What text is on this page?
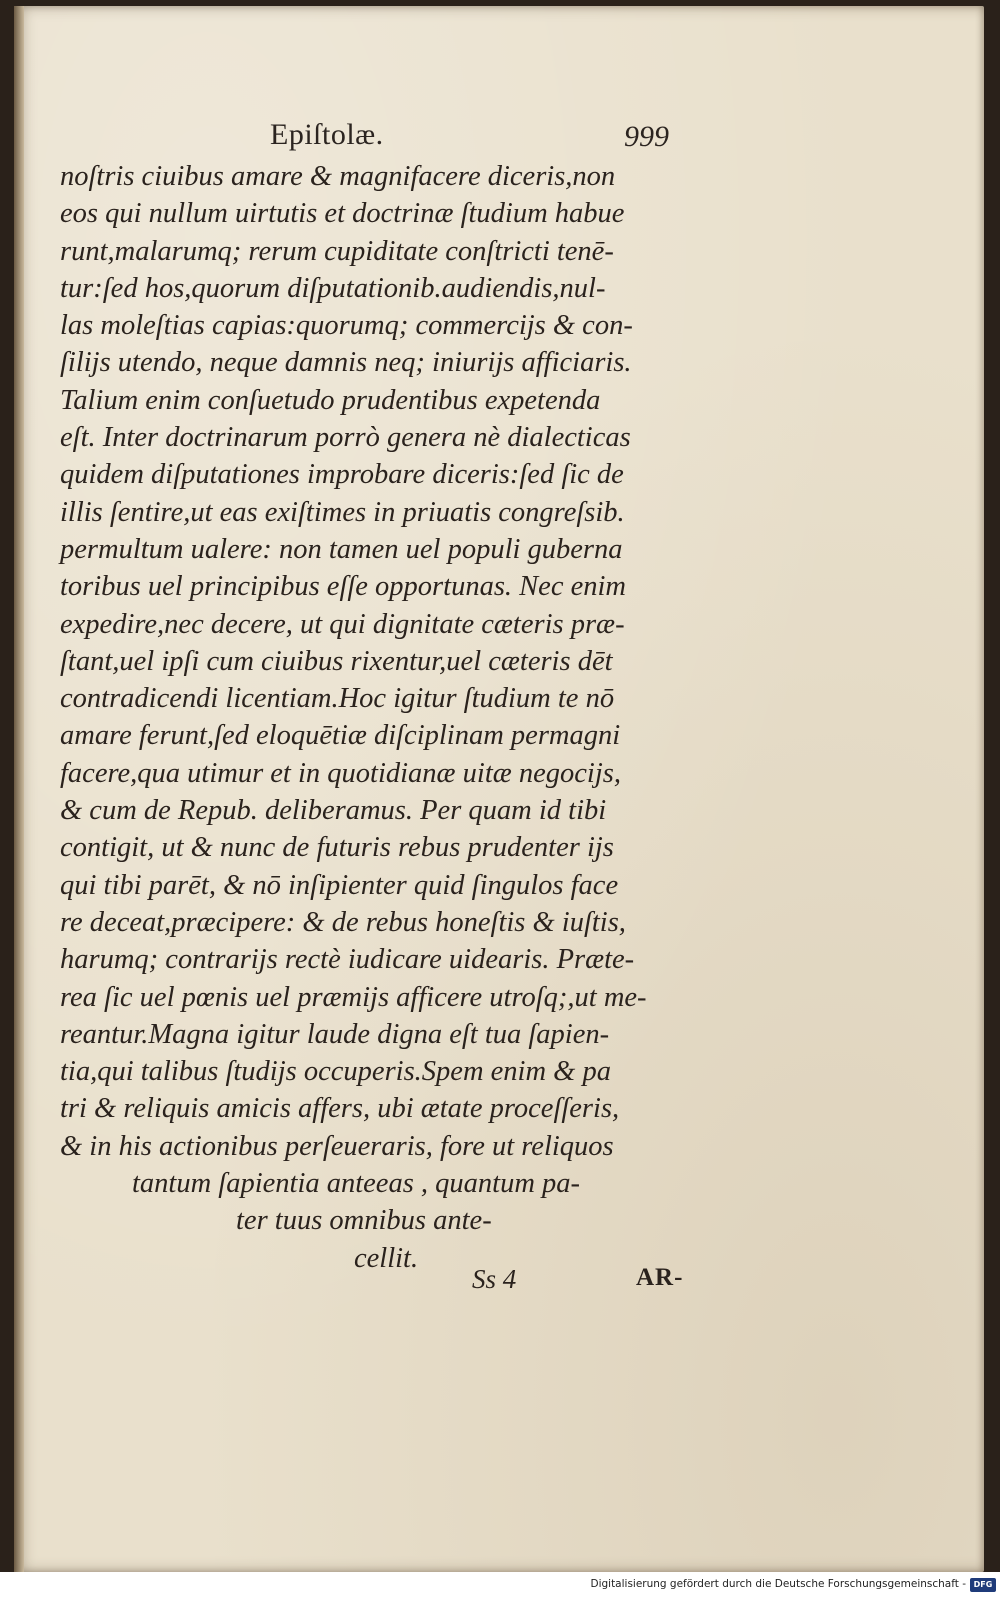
Epiſtolæ.	999
noſtris ciuibus amare & magnifacere diceris,non
eos qui nullum uirtutis et doctrinæ ſtudium habue
runt,malarumq; rerum cupiditate conſtricti tenē-
tur:ſed hos,quorum diſputationib.audiendis,nul-
las moleſtias capias:quorumq; commercijs & con-
ſilijs utendo, neque damnis neq; iniurijs afficiaris.
Talium enim conſuetudo prudentibus expetenda
eſt. Inter doctrinarum porrò genera nè dialecticas
quidem diſputationes improbare diceris:ſed ſic de
illis ſentire,ut eas exiſtimes in priuatis congreſsib.
permultum ualere: non tamen uel populi guberna
toribus uel principibus eſſe opportunas. Nec enim
expedire,nec decere, ut qui dignitate cæteris præ-
ſtant,uel ipſi cum ciuibus rixentur,uel cæteris dēt
contradicendi licentiam.Hoc igitur ſtudium te nō
amare ferunt,ſed eloquētiæ diſciplinam permagni
facere,qua utimur et in quotidianæ uitæ negocijs,
& cum de Repub. deliberamus. Per quam id tibi
contigit, ut & nunc de futuris rebus prudenter ijs
qui tibi parēt, & nō inſipienter quid ſingulos face
re deceat,præcipere: & de rebus honeſtis & iuſtis,
harumq; contrarijs rectè iudicare uidearis. Præte-
rea ſic uel pœnis uel præmijs afficere utroſq;,ut me-
reantur.Magna igitur laude digna eſt tua ſapien-
tia,qui talibus ſtudijs occuperis.Spem enim & pa
tri & reliquis amicis affers, ubi ætate proceſſeris,
& in his actionibus perſeueraris, fore ut reliquos
tantum ſapientia anteeas , quantum pa-
ter tuus omnibus ante-
cellit.
Ss 4	AR-
Digitalisierung gefördert durch die Deutsche Forschungsgemeinschaft - DFG
